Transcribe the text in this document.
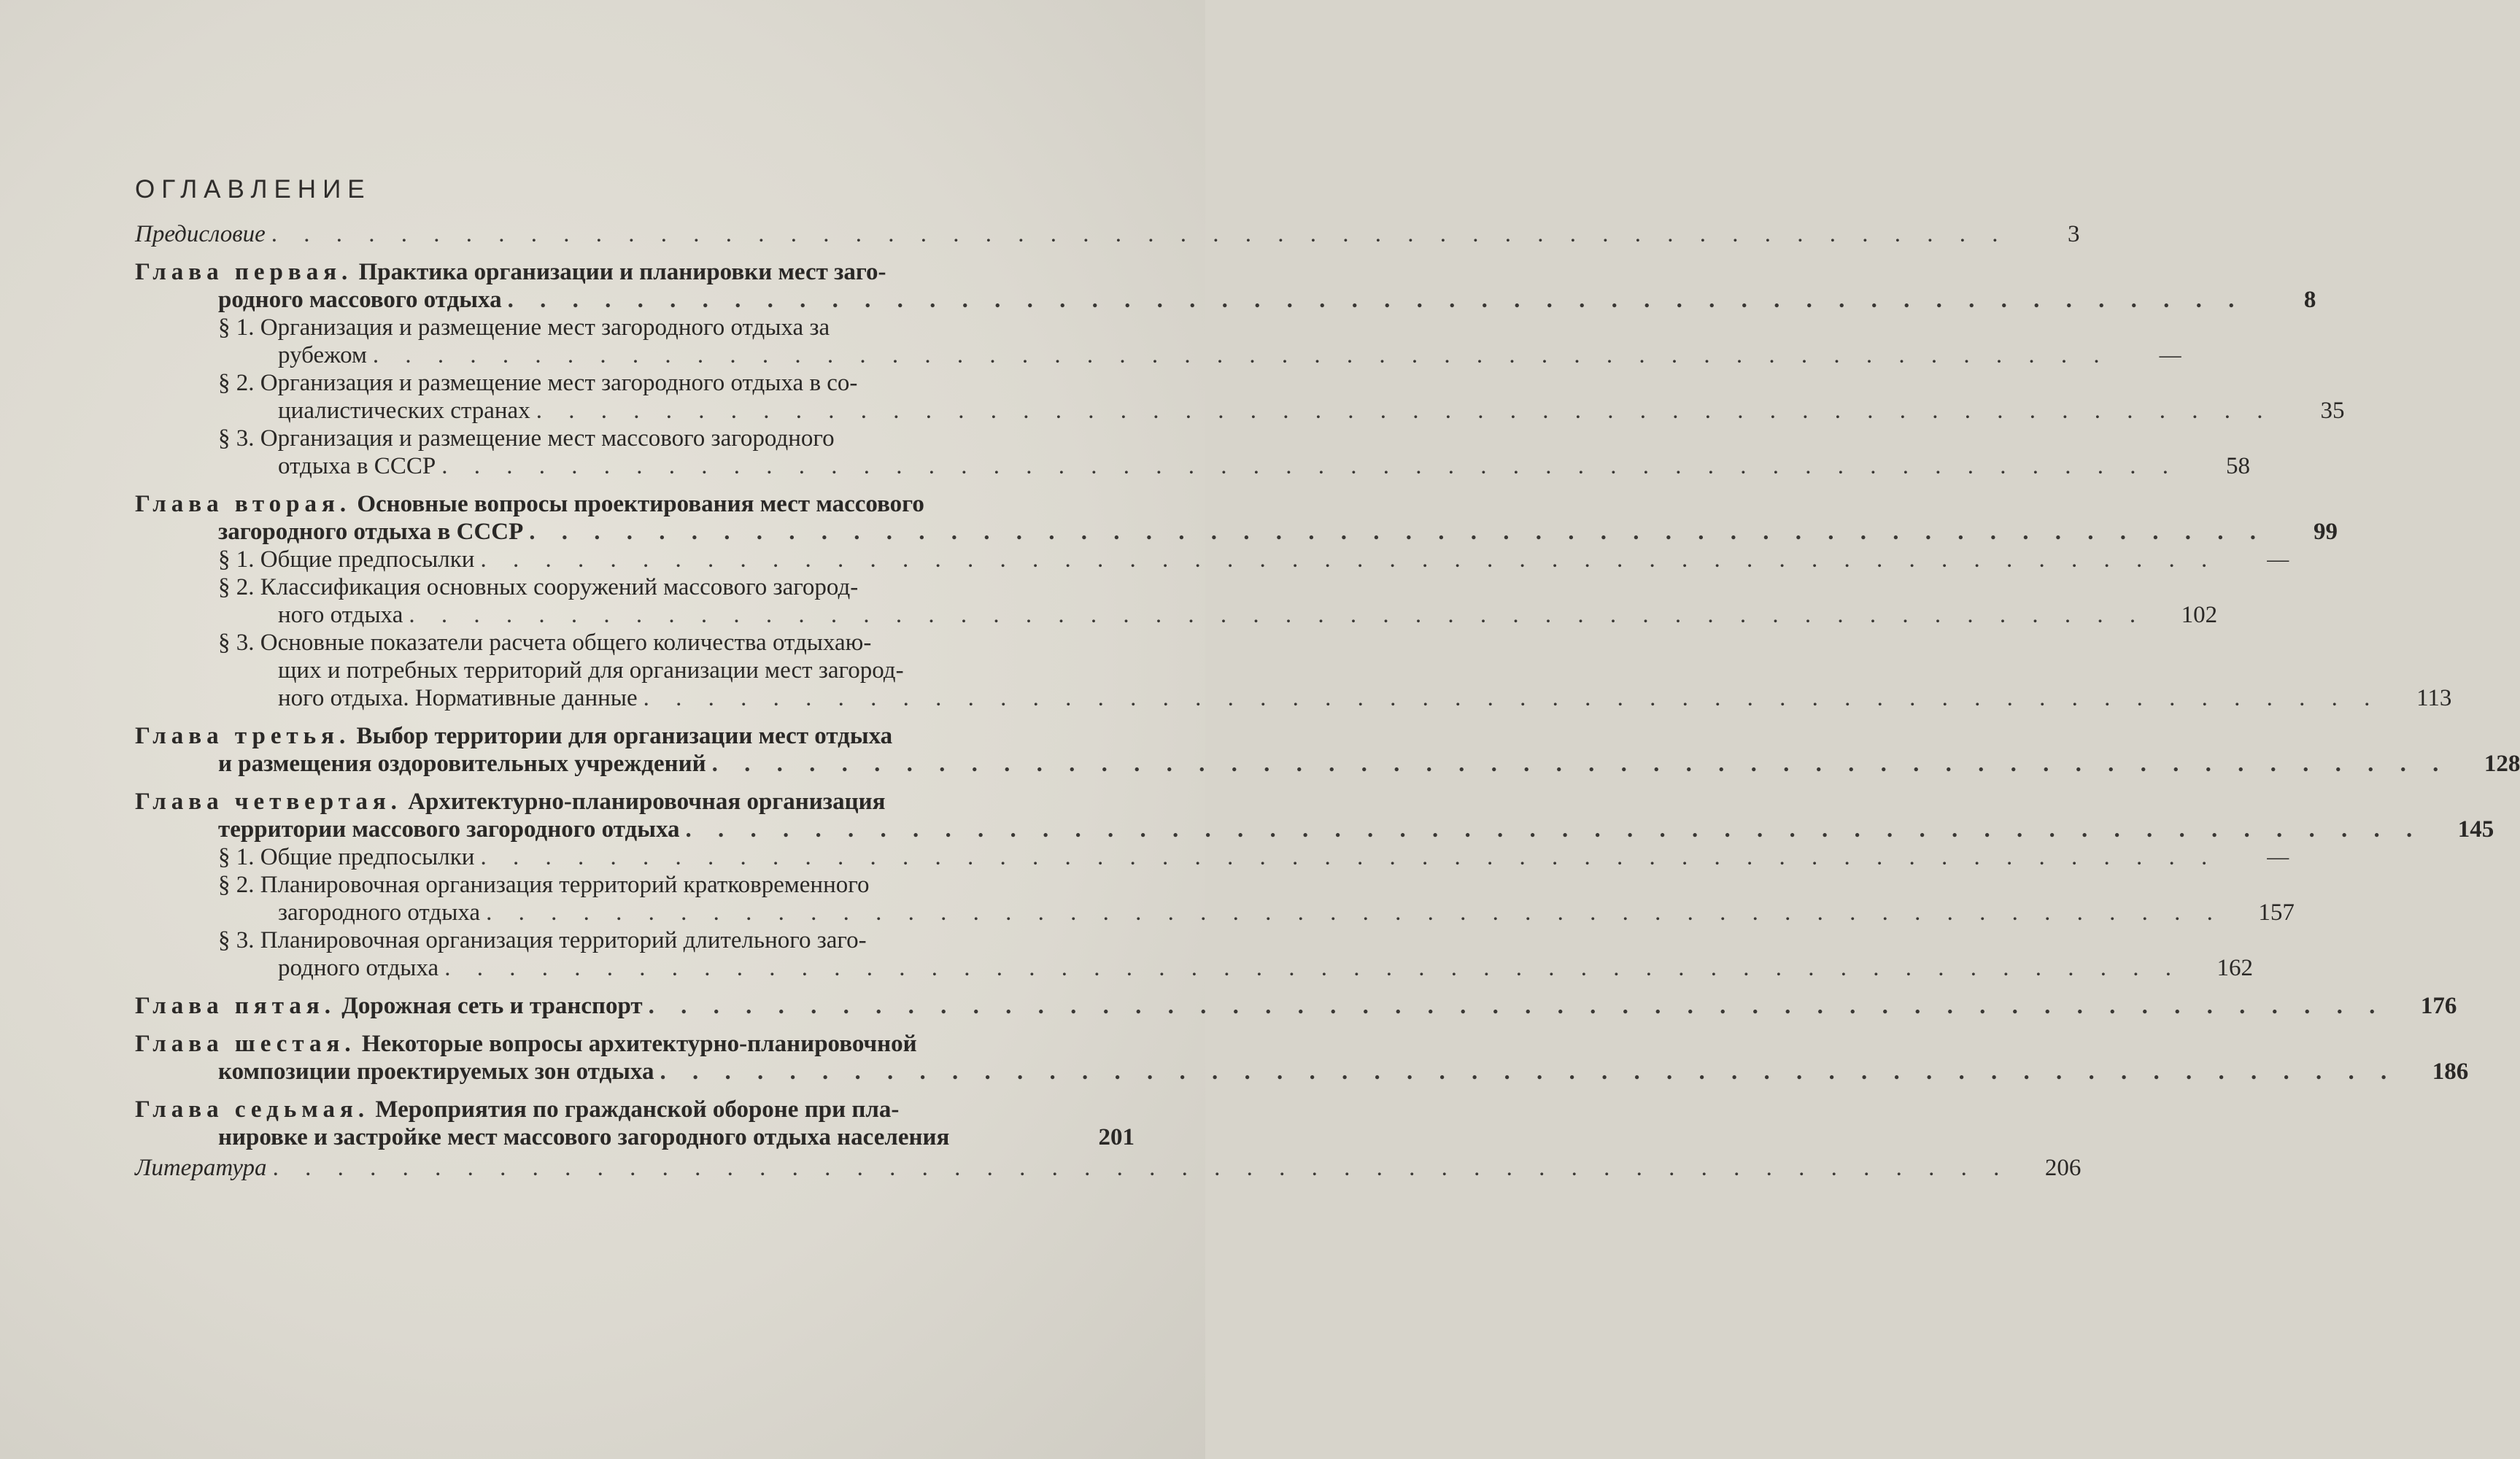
ОГЛАВЛЕНИЕ
Предисловие . . . . . . . . . . . . . . . . . . . . . . . . . . . . . . . . . . . . . . . . . . . . . . . . . . . . . .	3
Глава первая. Практика организации и планировки мест заго-
родного массового отдыха . . . . . . . . . . . . . . . . . . . . . . . . . . . . . . . . . . . . . . . . . . . . . . . . . . . . . .	8
§ 1. Организация и размещение мест загородного отдыха за
рубежом . . . . . . . . . . . . . . . . . . . . . . . . . . . . . . . . . . . . . . . . . . . . . . . . . . . . . .	—
§ 2. Организация и размещение мест загородного отдыха в со-
циалистических странах . . . . . . . . . . . . . . . . . . . . . . . . . . . . . . . . . . . . . . . . . . . . . . . . . . . . . .	35
§ 3. Организация и размещение мест массового загородного
отдыха в СССР . . . . . . . . . . . . . . . . . . . . . . . . . . . . . . . . . . . . . . . . . . . . . . . . . . . . . .	58
Глава вторая. Основные вопросы проектирования мест массового
загородного отдыха в СССР . . . . . . . . . . . . . . . . . . . . . . . . . . . . . . . . . . . . . . . . . . . . . . . . . . . . . .	99
§ 1. Общие предпосылки . . . . . . . . . . . . . . . . . . . . . . . . . . . . . . . . . . . . . . . . . . . . . . . . . . . . . .	—
§ 2. Классификация основных сооружений массового загород-
ного отдыха . . . . . . . . . . . . . . . . . . . . . . . . . . . . . . . . . . . . . . . . . . . . . . . . . . . . . .	102
§ 3. Основные показатели расчета общего количества отдыхаю-
щих и потребных территорий для организации мест загород-
ного отдыха. Нормативные данные . . . . . . . . . . . . . . . . . . . . . . . . . . . . . . . . . . . . . . . . . . . . . . . . . . . . . .	113
Глава третья. Выбор территории для организации мест отдыха
и размещения оздоровительных учреждений . . . . . . . . . . . . . . . . . . . . . . . . . . . . . . . . . . . . . . . . . . . . . . . . . . . . . .	128
Глава четвертая. Архитектурно-планировочная организация
территории массового загородного отдыха . . . . . . . . . . . . . . . . . . . . . . . . . . . . . . . . . . . . . . . . . . . . . . . . . . . . . .	145
§ 1. Общие предпосылки . . . . . . . . . . . . . . . . . . . . . . . . . . . . . . . . . . . . . . . . . . . . . . . . . . . . . .	—
§ 2. Планировочная организация территорий кратковременного
загородного отдыха . . . . . . . . . . . . . . . . . . . . . . . . . . . . . . . . . . . . . . . . . . . . . . . . . . . . . .	157
§ 3. Планировочная организация территорий длительного заго-
родного отдыха . . . . . . . . . . . . . . . . . . . . . . . . . . . . . . . . . . . . . . . . . . . . . . . . . . . . . .	162
Глава пятая. Дорожная сеть и транспорт . . . . . . . . . . . . . . . . . . . . . . . . . . . . . . . . . . . . . . . . . . . . . . . . . . . . . .	176
Глава шестая. Некоторые вопросы архитектурно-планировочной
композиции проектируемых зон отдыха . . . . . . . . . . . . . . . . . . . . . . . . . . . . . . . . . . . . . . . . . . . . . . . . . . . . . .	186
Глава седьмая. Мероприятия по гражданской обороне при пла-
нировке и застройке мест массового загородного отдыха населения	201
Литература . . . . . . . . . . . . . . . . . . . . . . . . . . . . . . . . . . . . . . . . . . . . . . . . . . . . . .	206
